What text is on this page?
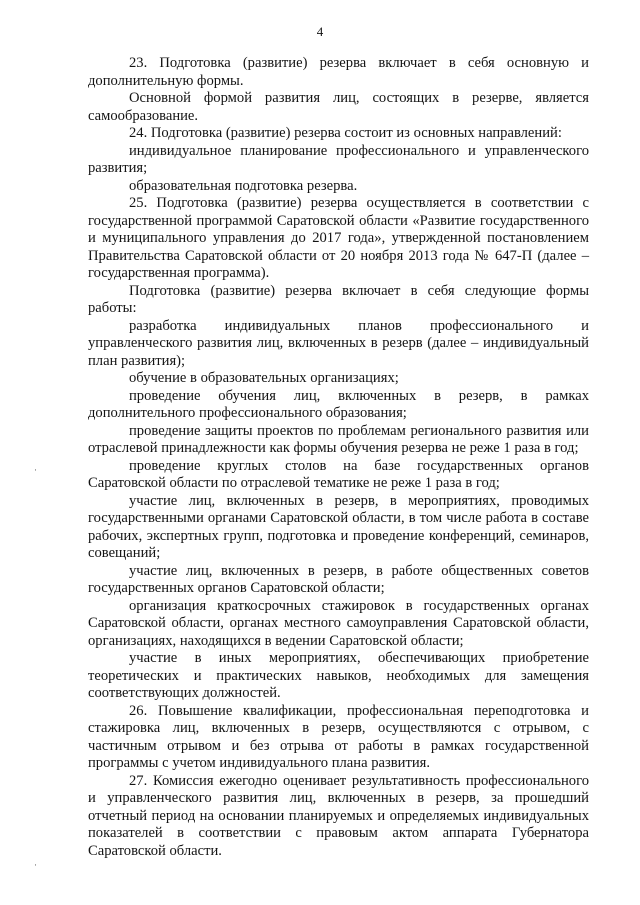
4

23. Подготовка (развитие) резерва включает в себя основную и дополнительную формы.

Основной формой развития лиц, состоящих в резерве, является самообразование.

24. Подготовка (развитие) резерва состоит из основных направлений:

индивидуальное планирование профессионального и управленческого развития;

образовательная подготовка резерва.

25. Подготовка (развитие) резерва осуществляется в соответствии с государственной программой Саратовской области «Развитие государственного и муниципального управления до 2017 года», утвержденной постановлением Правительства Саратовской области от 20 ноября 2013 года № 647-П (далее – государственная программа).

Подготовка (развитие) резерва включает в себя следующие формы работы:

разработка индивидуальных планов профессионального и управленческого развития лиц, включенных в резерв (далее – индивидуальный план развития);

обучение в образовательных организациях;

проведение обучения лиц, включенных в резерв, в рамках дополнительного профессионального образования;

проведение защиты проектов по проблемам регионального развития или отраслевой принадлежности как формы обучения резерва не реже 1 раза в год;

проведение круглых столов на базе государственных органов Саратовской области по отраслевой тематике не реже 1 раза в год;

участие лиц, включенных в резерв, в мероприятиях, проводимых государственными органами Саратовской области, в том числе работа в составе рабочих, экспертных групп, подготовка и проведение конференций, семинаров, совещаний;

участие лиц, включенных в резерв, в работе общественных советов государственных органов Саратовской области;

организация краткосрочных стажировок в государственных органах Саратовской области, органах местного самоуправления Саратовской области, организациях, находящихся в ведении Саратовской области;

участие в иных мероприятиях, обеспечивающих приобретение теоретических и практических навыков, необходимых для замещения соответствующих должностей.

26. Повышение квалификации, профессиональная переподготовка и стажировка лиц, включенных в резерв, осуществляются с отрывом, с частичным отрывом и без отрыва от работы в рамках государственной программы с учетом индивидуального плана развития.

27. Комиссия ежегодно оценивает результативность профессионального и управленческого развития лиц, включенных в резерв, за прошедший отчетный период на основании планируемых и определяемых индивидуальных показателей в соответствии с правовым актом аппарата Губернатора Саратовской области.

·
·
